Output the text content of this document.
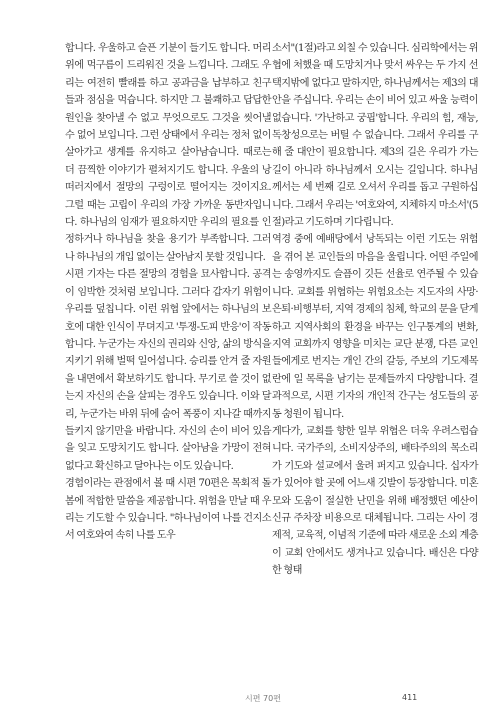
합니다. 우울하고 슬픈 기분이 들기도 합니다. 머리 위에 먹구름이 드리워진 것을 느낍니다. 그래도 우리는 여전히 빨래를 하고 공과금을 납부하고 친구들과 점심을 먹습니다. 하지만 그 불쾌하고 답답한 원인을 찾아낼 수 없고 무엇으로도 그것을 씻어낼 수 없어 보입니다. 그런 상태에서 우리는 정처 없이 살아가고 생계를 유지하고 살아남습니다. 때로는 더 끔찍한 이야기가 펼쳐지기도 합니다. 우울의 낭떠러지에서 절망의 구렁이로 떨어지는 것이지요. 그럴 때는 고립이 우리의 가장 가까운 동반자입니다. 하나님의 임재가 필요하지만 우리의 필요를 인정하거나 하나님을 찾을 용기가 부족합니다. 그러나 하나님의 개입 없이는 살아남지 못할 것입니다.

시편 기자는 다른 절망의 경험을 묘사합니다. 공격이 임박한 것처럼 보입니다. 그러다 갑자기 위험이 우리를 덮칩니다. 이런 위협 앞에서는 하나님의 보호에 대한 인식이 무뎌지고 '투쟁-도피 반응'이 작동합니다. 누군가는 자신의 권리와 신앙, 삶의 방식을 지키기 위해 벌떡 일어섭니다. 승리를 안겨 줄 자원을 내면에서 확보하기도 합니다. 무기로 쓸 것이 없는지 자신의 손을 살피는 경우도 있습니다. 이와 달리, 누군가는 바위 뒤에 숨어 폭풍이 지나갈 때까지 들키지 않기만을 바랍니다. 자신의 손이 비어 있음을 잊고 도망치기도 합니다. 살아남을 가망이 전혀 없다고 확신하고 달아나는 이도 있습니다.

경험이라는 관점에서 볼 때 시편 70편은 목회적 돌봄에 적합한 말씀을 제공합니다. 위험을 만날 때 우리는 기도할 수 있습니다. "하나님이여 나를 건지소서 여호와여 속히 나를 도우

소서"(1절)라고 외칠 수 있습니다. 심리학에서는 위협에 처했을 때 도망치거나 맞서 싸우는 두 가지 선택지밖에 없다고 말하지만, 하나님께서는 제3의 대안을 주십니다. 우리는 손이 비어 있고 싸울 능력이 없습니다. '가난하고 궁핍'합니다. 우리의 힘, 재능, 독창성으로는 버틸 수 없습니다. 그래서 우리를 구해 줄 대안이 필요합니다. 제3의 길은 우리가 가는 길이 아니라 하나님께서 오시는 길입니다. 하나님께서는 세 번째 길로 오셔서 우리를 돕고 구원하십니다. 그래서 우리는 '여호와여, 지체하지 마소서'(5절)라고 기도하며 기다립니다.

역경 중에 예배당에서 낭독되는 이런 기도는 위험을 겪어 본 교인들의 마음을 울립니다. 어떤 주일에는 송영까지도 슬픔이 깃든 선율로 연주될 수 있습니다. 교회를 위협하는 위험요소는 지도자의 사망·은퇴·비행부터, 지역 경제의 침체, 학교의 문을 닫게 하고 지역사회의 환경을 바꾸는 인구통계의 변화, 지역 교회까지 영향을 미치는 교단 분쟁, 다른 교인들에게로 번지는 개인 간의 갈등, 주보의 기도제목란에 일 목록을 남기는 문제들까지 다양합니다. 결과적으로, 시편 기자의 개인적 간구는 성도들의 공동 청원이 됩니다.

게다가, 교회를 향한 일부 위협은 더욱 우려스럽습니다. 국가주의, 소비지상주의, 배타주의의 목소리가 기도와 설교에서 울려 퍼지고 있습니다. 십자가가 있어야 할 곳에 어느새 깃발이 등장합니다. 미혼모와 도움이 절실한 난민을 위해 배정했던 예산이 신규 주차장 비용으로 대체됩니다. 그리는 사이 경제적, 교육적, 이념적 기준에 따라 새로운 소외 계층이 교회 안에서도 생겨나고 있습니다. 배신은 다양한 형태

시편 70편	411
